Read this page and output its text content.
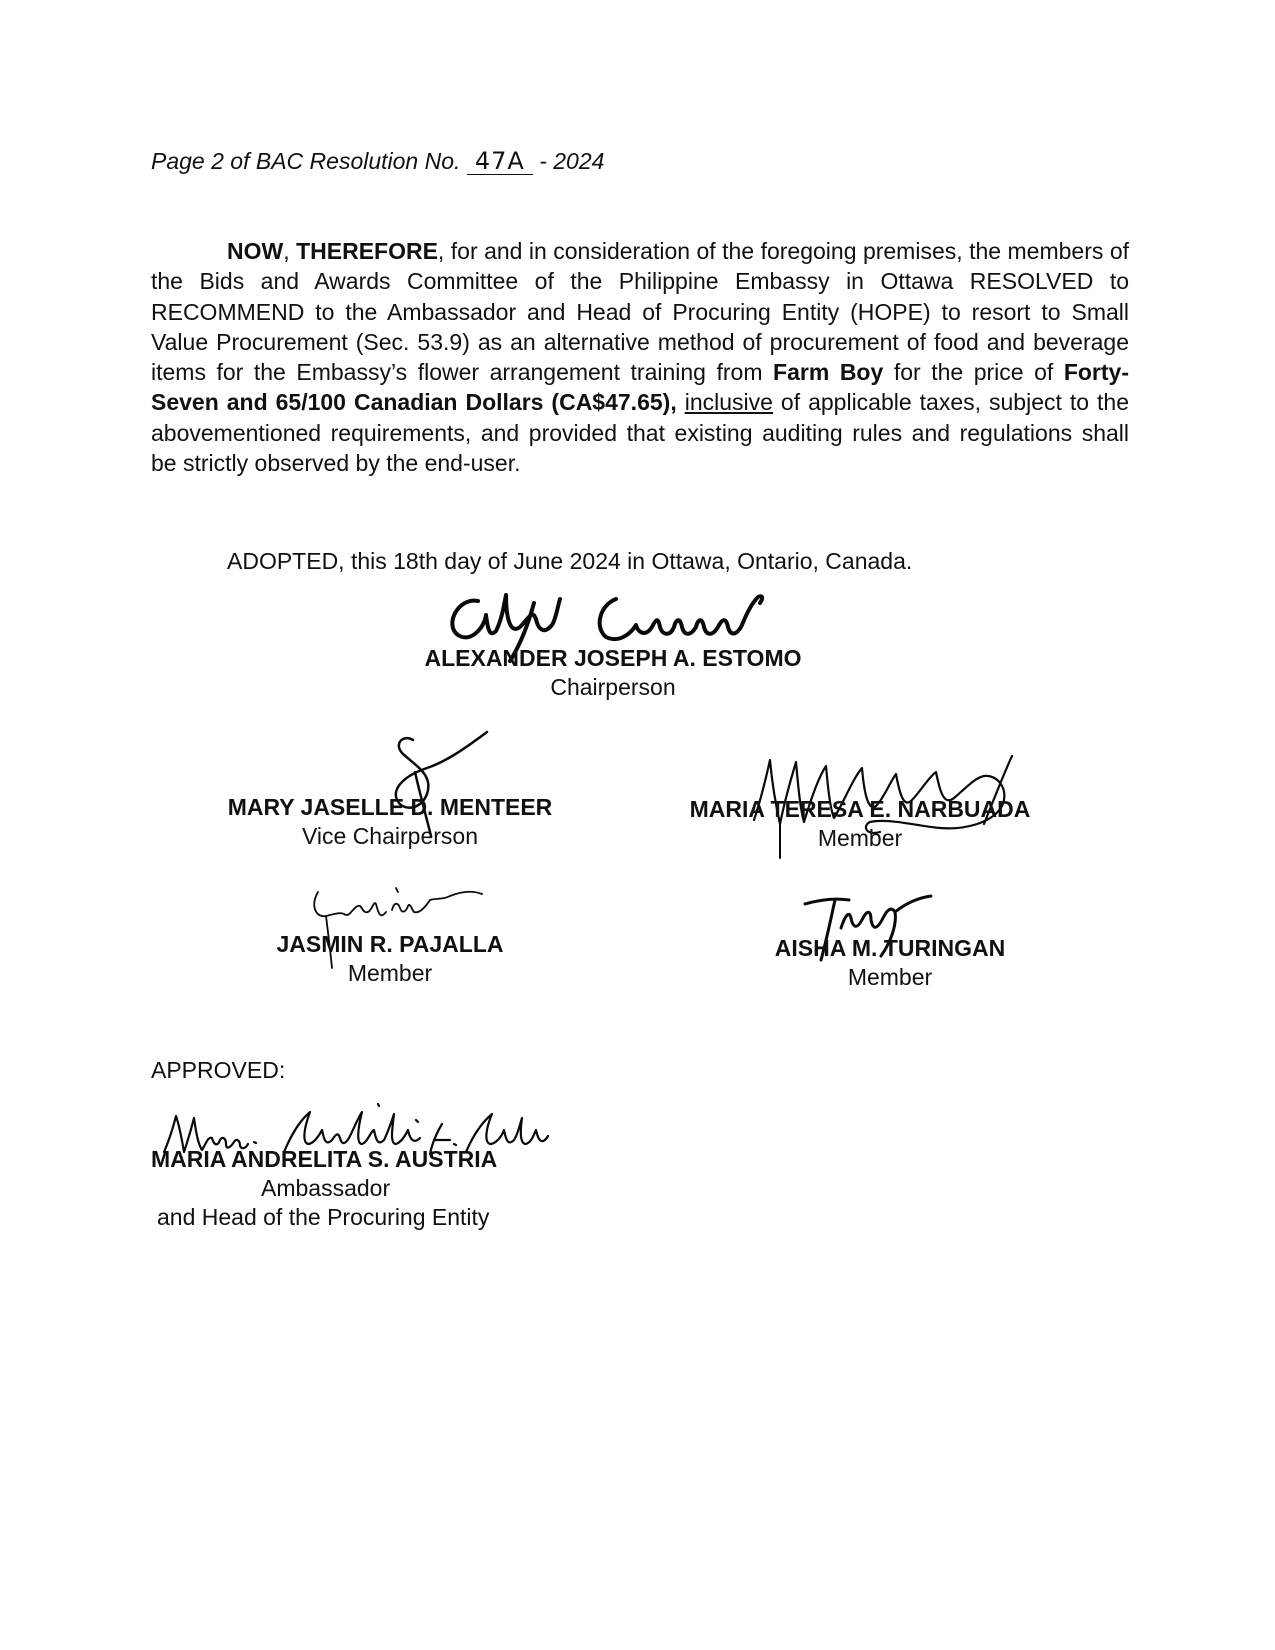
Page 2 of BAC Resolution No. 47A - 2024
NOW, THEREFORE, for and in consideration of the foregoing premises, the members of the Bids and Awards Committee of the Philippine Embassy in Ottawa RESOLVED to RECOMMEND to the Ambassador and Head of Procuring Entity (HOPE) to resort to Small Value Procurement (Sec. 53.9) as an alternative method of procurement of food and beverage items for the Embassy’s flower arrangement training from Farm Boy for the price of Forty-Seven and 65/100 Canadian Dollars (CA$47.65), inclusive of applicable taxes, subject to the abovementioned requirements, and provided that existing auditing rules and regulations shall be strictly observed by the end-user.
ADOPTED, this 18th day of June 2024 in Ottawa, Ontario, Canada.
ALEXANDER JOSEPH A. ESTOMO
Chairperson
MARY JASELLE D. MENTEER
Vice Chairperson
MARIA TERESA E. NARBUADA
Member
JASMIN R. PAJALLA
Member
AISHA M. TURINGAN
Member
APPROVED:
MARIA ANDRELITA S. AUSTRIA
Ambassador
and Head of the Procuring Entity
